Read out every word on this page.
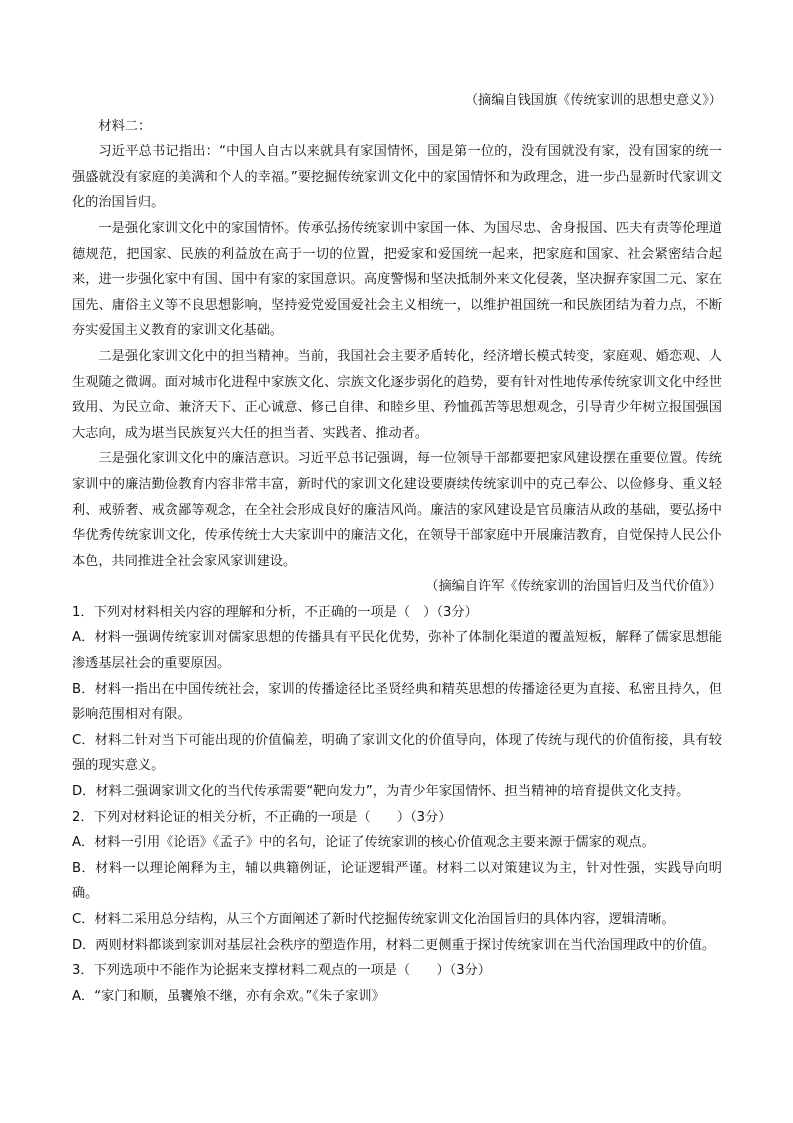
（摘编自钱国旗《传统家训的思想史意义》）

材料二：

习近平总书记指出：“中国人自古以来就具有家国情怀，国是第一位的，没有国就没有家，没有国家的统一强盛就没有家庭的美满和个人的幸福。”要挖掘传统家训文化中的家国情怀和为政理念，进一步凸显新时代家训文化的治国旨归。

一是强化家训文化中的家国情怀。传承弘扬传统家训中家国一体、为国尽忠、舍身报国、匹夫有责等伦理道德规范，把国家、民族的利益放在高于一切的位置，把爱家和爱国统一起来，把家庭和国家、社会紧密结合起来，进一步强化家中有国、国中有家的家国意识。高度警惕和坚决抵制外来文化侵袭，坚决摒弃家国二元、家在国先、庸俗主义等不良思想影响，坚持爱党爱国爱社会主义相统一，以维护祖国统一和民族团结为着力点，不断夯实爱国主义教育的家训文化基础。

二是强化家训文化中的担当精神。当前，我国社会主要矛盾转化，经济增长模式转变，家庭观、婚恋观、人生观随之微调。面对城市化进程中家族文化、宗族文化逐步弱化的趋势，要有针对性地传承传统家训文化中经世致用、为民立命、兼济天下、正心诚意、修己自律、和睦乡里、矜恤孤苦等思想观念，引导青少年树立报国强国大志向，成为堪当民族复兴大任的担当者、实践者、推动者。

三是强化家训文化中的廉洁意识。习近平总书记强调，每一位领导干部都要把家风建设摆在重要位置。传统家训中的廉洁勤俭教育内容非常丰富，新时代的家训文化建设要赓续传统家训中的克己奉公、以俭修身、重义轻利、戒骄奢、戒贪鄙等观念，在全社会形成良好的廉洁风尚。廉洁的家风建设是官员廉洁从政的基础，要弘扬中华优秀传统家训文化，传承传统士大夫家训中的廉洁文化，在领导干部家庭中开展廉洁教育，自觉保持人民公仆本色，共同推进全社会家风家训建设。

（摘编自许军《传统家训的治国旨归及当代价值》）

1．下列对材料相关内容的理解和分析，不正确的一项是（　）（3分）

A．材料一强调传统家训对儒家思想的传播具有平民化优势，弥补了体制化渠道的覆盖短板，解释了儒家思想能渗透基层社会的重要原因。

B．材料一指出在中国传统社会，家训的传播途径比圣贤经典和精英思想的传播途径更为直接、私密且持久，但影响范围相对有限。

C．材料二针对当下可能出现的价值偏差，明确了家训文化的价值导向，体现了传统与现代的价值衔接，具有较强的现实意义。

D．材料二强调家训文化的当代传承需要“靶向发力”，为青少年家国情怀、担当精神的培育提供文化支持。

2．下列对材料论证的相关分析，不正确的一项是（　　）（3分）

A．材料一引用《论语》《孟子》中的名句，论证了传统家训的核心价值观念主要来源于儒家的观点。

B．材料一以理论阐释为主，辅以典籍例证，论证逻辑严谨。材料二以对策建议为主，针对性强，实践导向明确。

C．材料二采用总分结构，从三个方面阐述了新时代挖掘传统家训文化治国旨归的具体内容，逻辑清晰。

D．两则材料都谈到家训对基层社会秩序的塑造作用，材料二更侧重于探讨传统家训在当代治国理政中的价值。

3．下列选项中不能作为论据来支撑材料二观点的一项是（　　）（3分）

A．“家门和顺，虽饔飧不继，亦有余欢。”《朱子家训》
